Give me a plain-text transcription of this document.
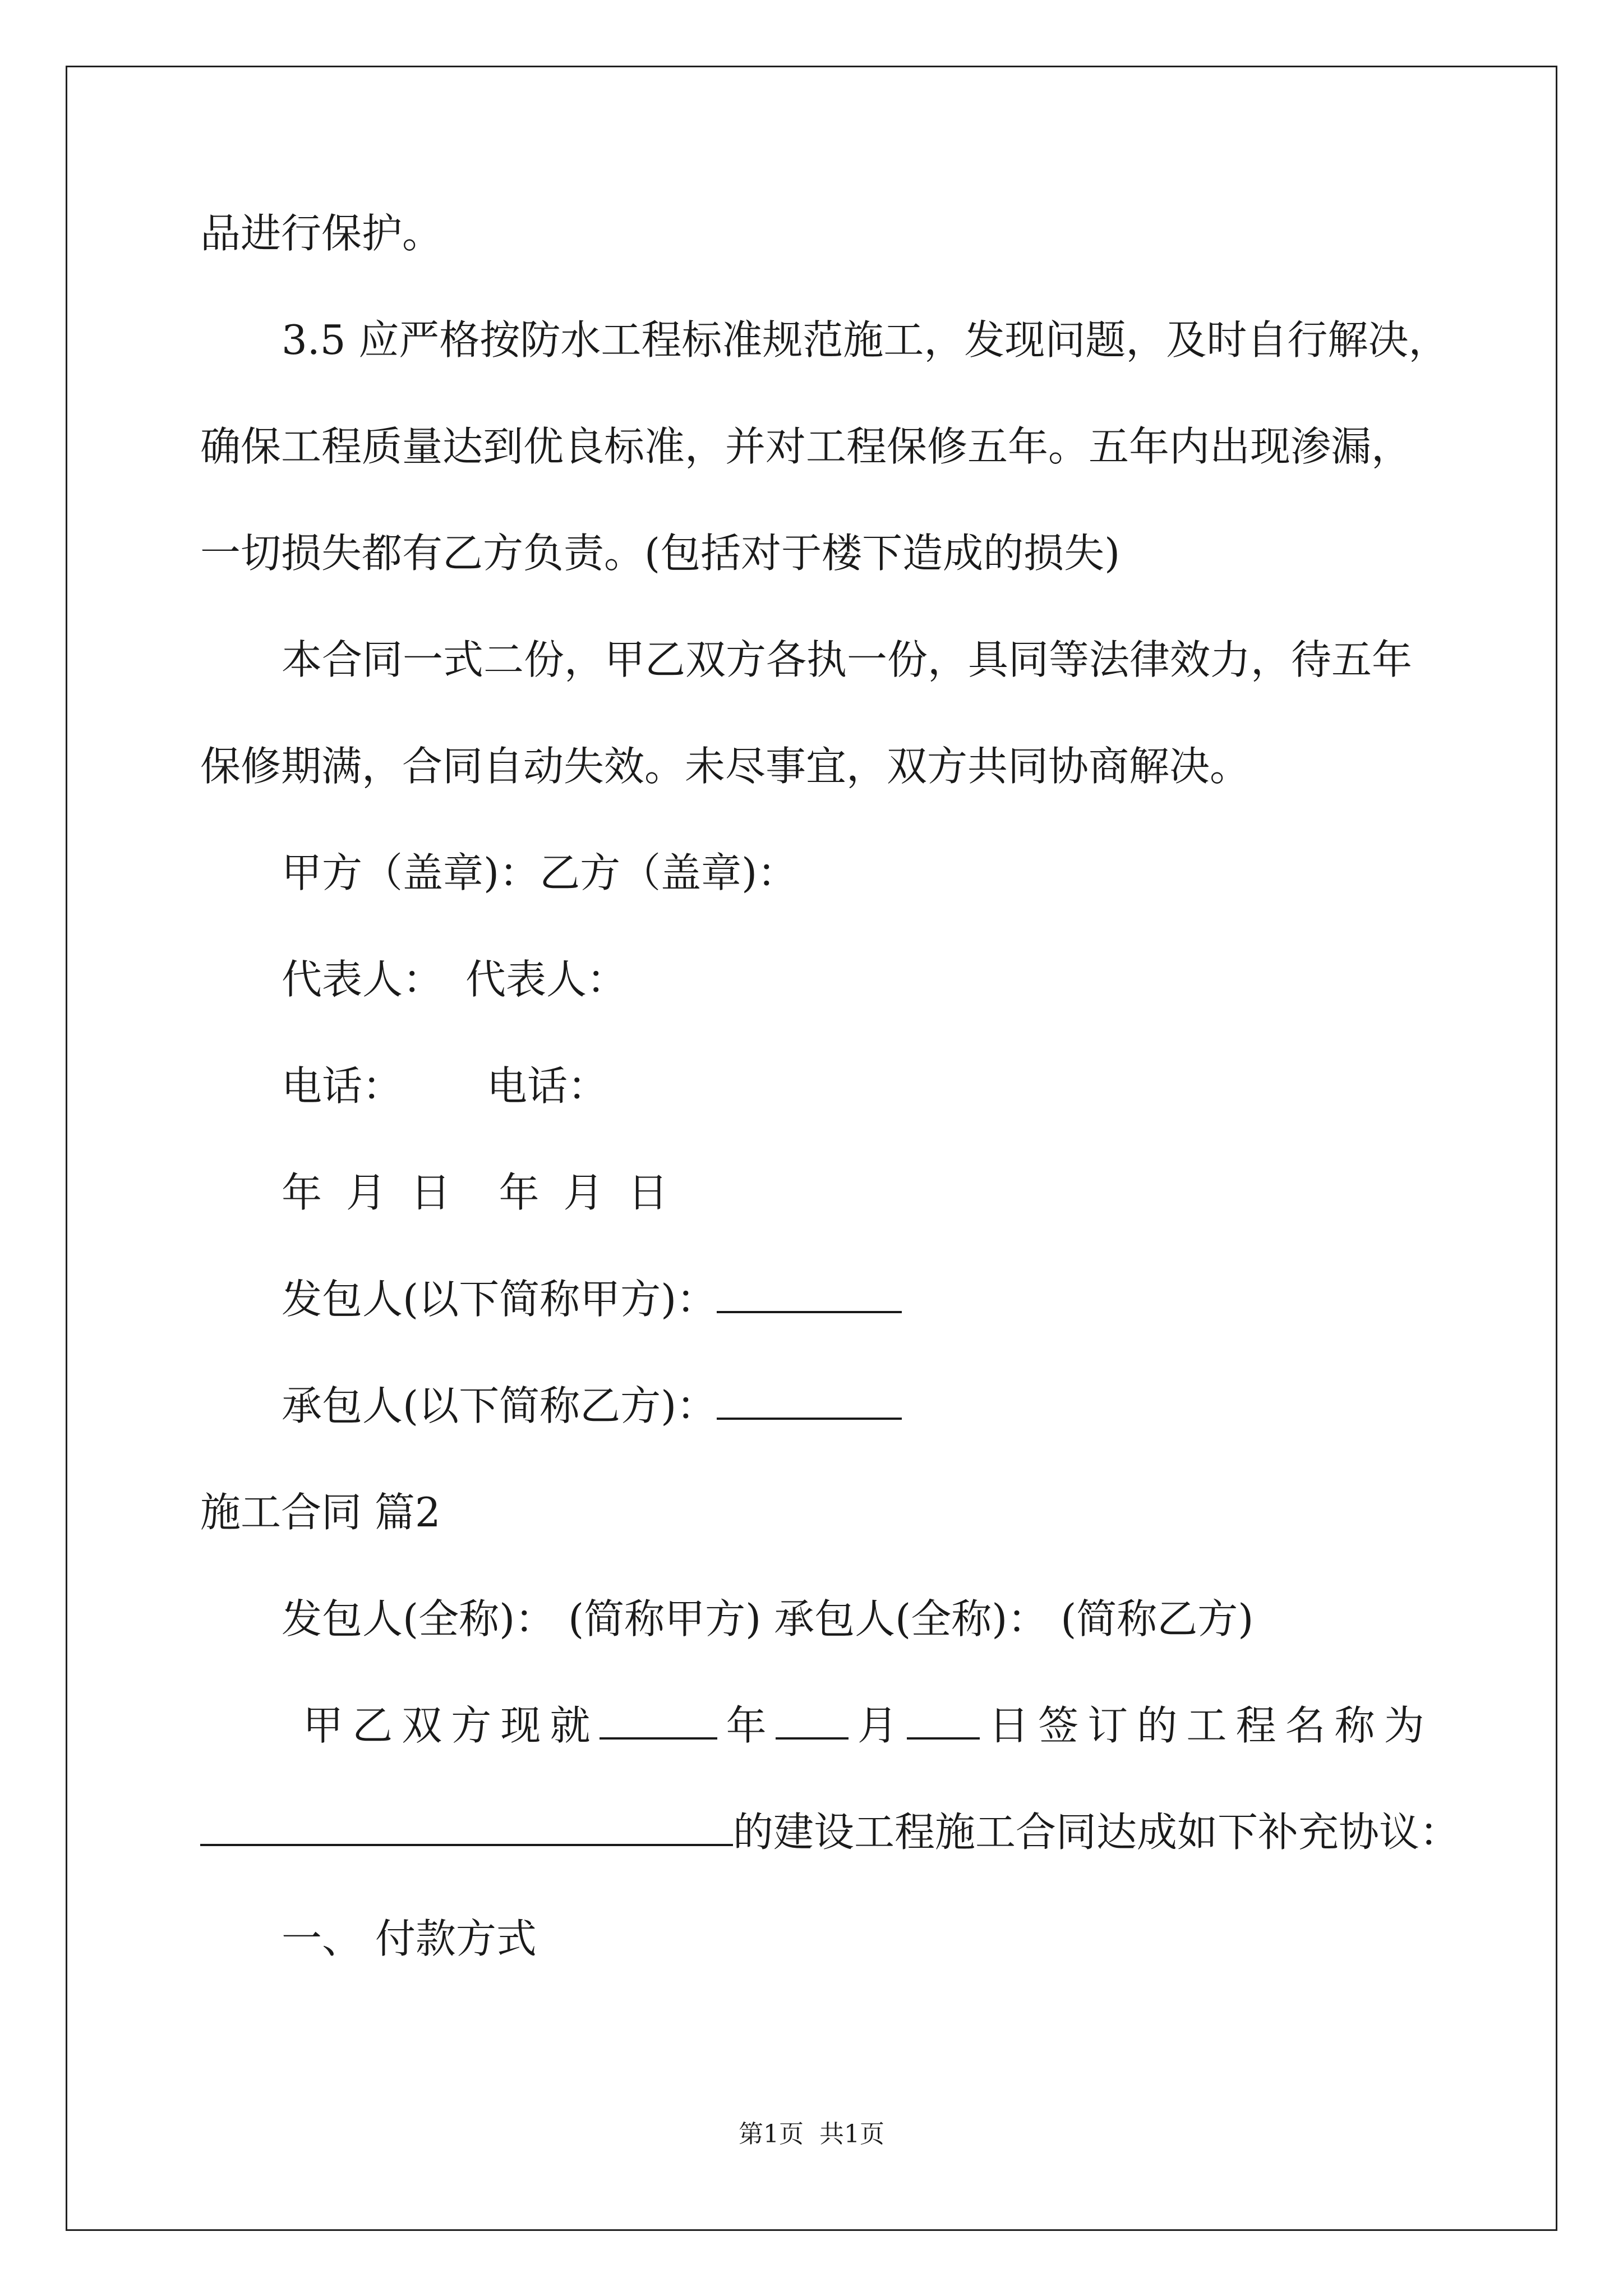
品进行保护。

3.5 应严格按防水工程标准规范施工，发现问题，及时自行解决，

确保工程质量达到优良标准，并对工程保修五年。五年内出现渗漏，

一切损失都有乙方负责。(包括对于楼下造成的损失)

本合同一式二份，甲乙双方各执一份，具同等法律效力，待五年

保修期满，合同自动失效。未尽事宜，双方共同协商解决。

甲方（盖章)：乙方（盖章)：

代表人： 代表人：

电话： 电话：

年 月 日  年 月 日

发包人(以下简称甲方)：

承包人(以下简称乙方)：

施工合同 篇2

发包人(全称)： (简称甲方) 承包人(全称)： (简称乙方)

甲 乙 双 方 现 就	年 月 日 签 订 的 工 程 名 称 为

的建设工程施工合同达成如下补充协议：

一、 付款方式

第1页 共1页
